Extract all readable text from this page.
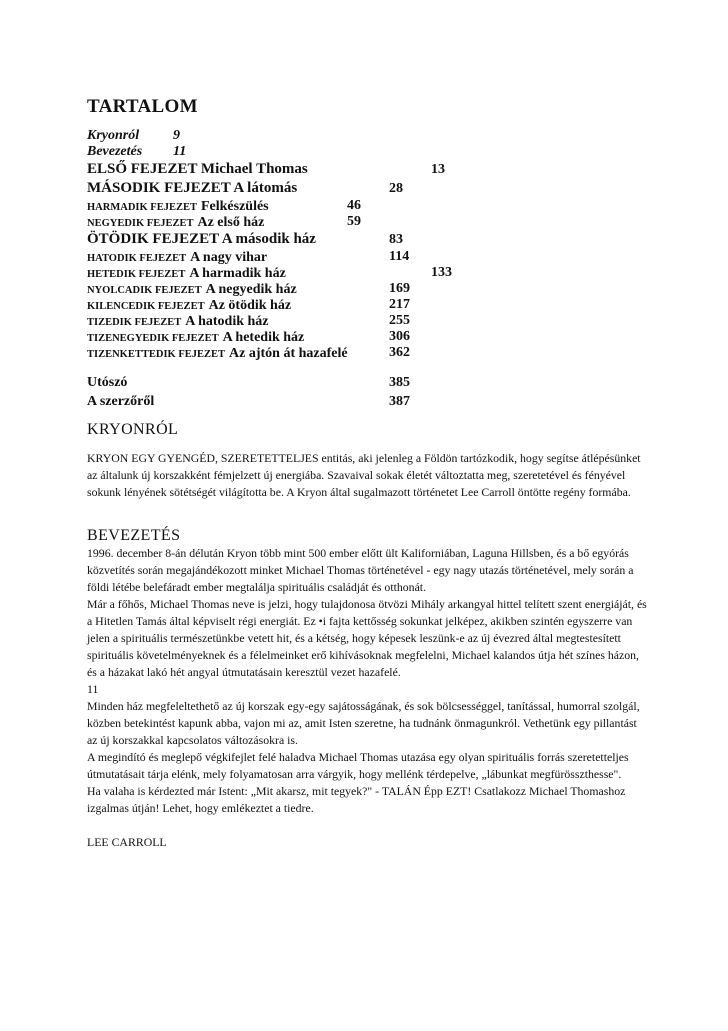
TARTALOM
Kryonról 9
Bevezetés 11
ELSŐ FEJEZET Michael Thomas	13
MÁSODIK FEJEZET A látomás	28
HARMADIK FEJEZET Felkészülés	46
NEGYEDIK FEJEZET Az első ház	59
ÖTÖDIK FEJEZET A második ház	83
HATODIK FEJEZET A nagy vihar	114
HETEDIK FEJEZET A harmadik ház	133
NYOLCADIK FEJEZET A negyedik ház	169
KILENCEDIK FEJEZET Az ötödik ház	217
TIZEDIK FEJEZET A hatodik ház	255
TIZENEGYEDIK FEJEZET A hetedik ház	306
TIZENKETTEDIK FEJEZET Az ajtón át hazafelé	362
Utószó	385
A szerzőről	387
KRYONRÓL

KRYON EGY GYENGÉD, SZERETETTELJES entitás, aki jelenleg a Földön tartózkodik, hogy segítse átlépésünket az általunk új korszakként fémjelzett új energiába. Szavaival sokak életét változtatta meg, szeretetével és fényével sokunk lényének sötétségét világította be. A Kryon által sugalmazott történetet Lee Carroll öntötte regény formába.

BEVEZETÉS

1996. december 8-án délután Kryon több mint 500 ember előtt ült Kaliforniában, Laguna Hillsben, és a bő egyórás közvetítés során megajándékozott minket Michael Thomas történetével - egy nagy utazás történetével, mely során a földi létébe belefáradt ember megtalálja spirituális családját és otthonát.

Már a főhős, Michael Thomas neve is jelzi, hogy tulajdonosa ötvözi Mihály arkangyal hittel telített szent energiáját, és a Hitetlen Tamás által képviselt régi energiát. Ez •i fajta kettősség sokunkat jelképez, akikben szintén egyszerre van jelen a spirituális természetünkbe vetett hit, és a kétség, hogy képesek leszünk-e az új évezred által megtestesített spirituális követelményeknek és a félelmeinket erő kihívásoknak megfelelni, Michael kalandos útja hét színes házon, és a házakat lakó hét angyal útmutatásain keresztül vezet hazafelé.

11

Minden ház megfeleltethető az új korszak egy-egy sajátosságának, és sok bölcsességgel, tanítással, humorral szolgál, közben betekintést kapunk abba, vajon mi az, amit Isten szeretne, ha tudnánk önmagunkról. Vethetünk egy pillantást az új korszakkal kapcsolatos változásokra is.

A megindító és meglepő végkifejlet felé haladva Michael Thomas utazása egy olyan spirituális forrás szeretetteljes útmutatásait tárja elénk, mely folyamatosan arra várgyik, hogy mellénk térdepelve, „lábunkat megfürösszthesse".

Ha valaha is kérdezted már Istent: „Mit akarsz, mit tegyek?" - TALÁN Épp EZT! Csatlakozz Michael Thomashoz izgalmas útján! Lehet, hogy emlékeztet a tiedre.

LEE CARROLL
